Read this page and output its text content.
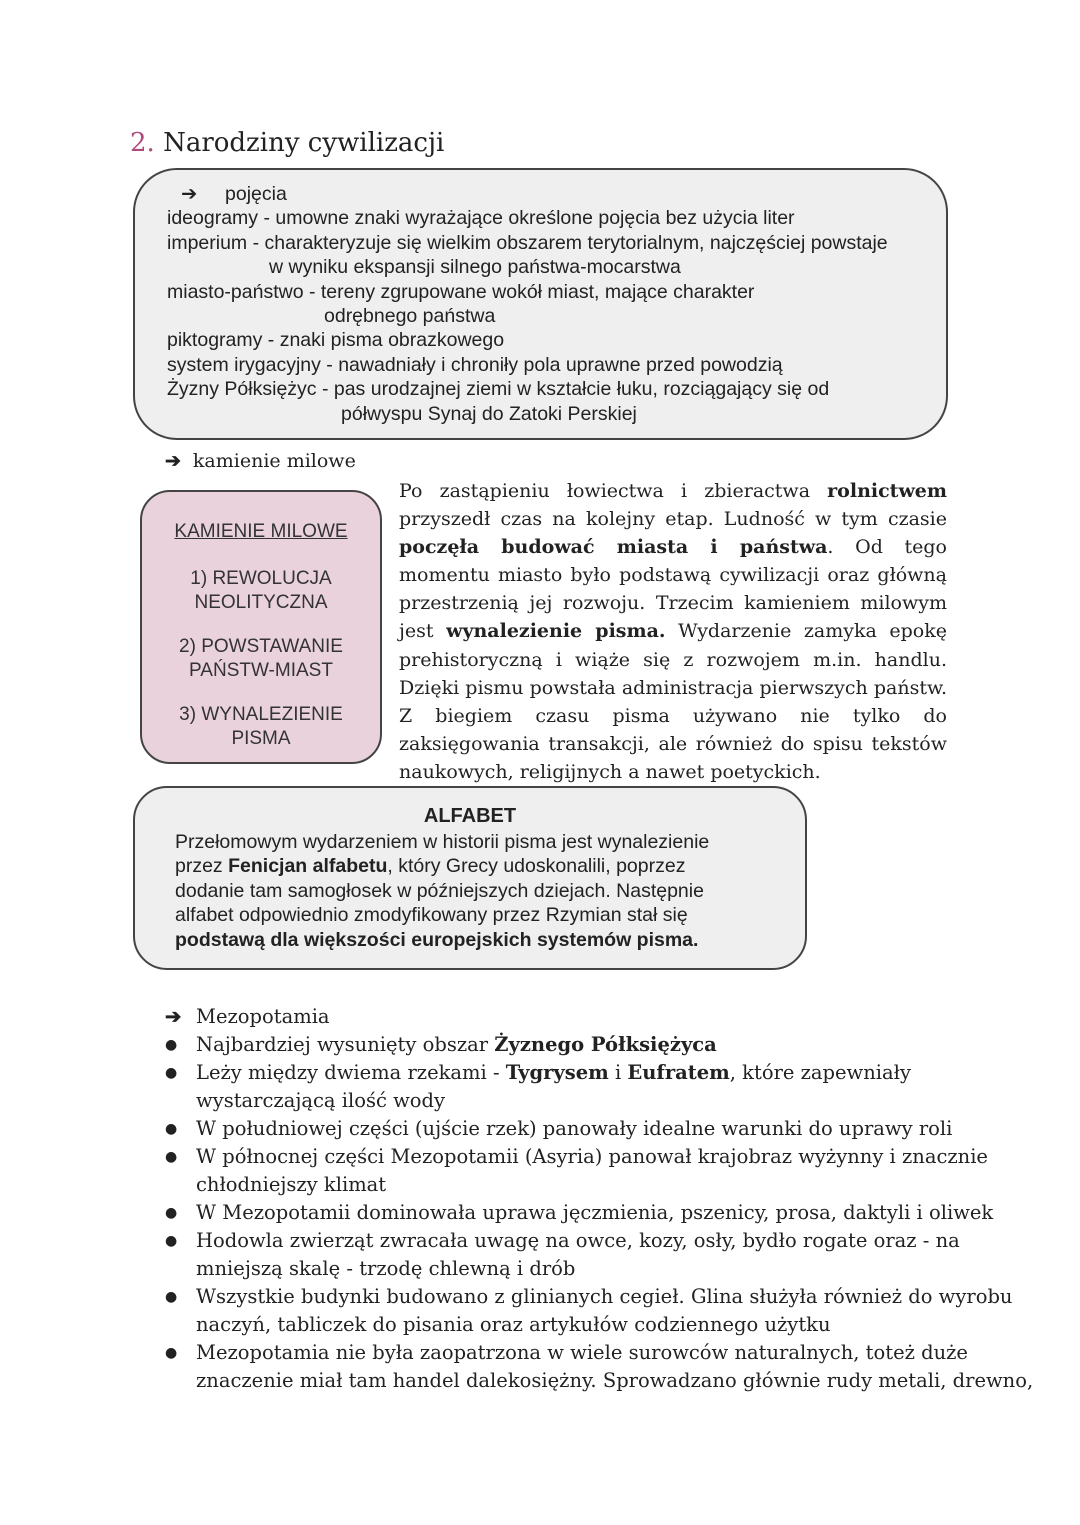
2. Narodziny cywilizacji
➔ pojęcia
ideogramy - umowne znaki wyrażające określone pojęcia bez użycia liter
imperium - charakteryzuje się wielkim obszarem terytorialnym, najczęściej powstaje
w wyniku ekspansji silnego państwa-mocarstwa
miasto-państwo - tereny zgrupowane wokół miast, mające charakter
odrębnego państwa
piktogramy - znaki pisma obrazkowego
system irygacyjny - nawadniały i chroniły pola uprawne przed powodzią
Żyzny Półksiężyc - pas urodzajnej ziemi w kształcie łuku, rozciągający się od
półwyspu Synaj do Zatoki Perskiej
➔ kamienie milowe
KAMIENIE MILOWE
1) REWOLUCJA
NEOLITYCZNA
2) POWSTAWANIE
PAŃSTW-MIAST
3) WYNALEZIENIE
PISMA
Po zastąpieniu łowiectwa i zbieractwa rolnictwem przyszedł czas na kolejny etap. Ludność w tym czasie poczęła budować miasta i państwa. Od tego momentu miasto było podstawą cywilizacji oraz główną przestrzenią jej rozwoju. Trzecim kamieniem milowym jest wynalezienie pisma. Wydarzenie zamyka epokę prehistoryczną i wiąże się z rozwojem m.in. handlu. Dzięki pismu powstała administracja pierwszych państw. Z biegiem czasu pisma używano nie tylko do zaksięgowania transakcji, ale również do spisu tekstów naukowych, religijnych a nawet poetyckich.
ALFABET
Przełomowym wydarzeniem w historii pisma jest wynalezienie
przez Fenicjan alfabetu, który Grecy udoskonalili, poprzez
dodanie tam samogłosek w późniejszych dziejach. Następnie
alfabet odpowiednio zmodyfikowany przez Rzymian stał się
podstawą dla większości europejskich systemów pisma.
➔ Mezopotamia
● Najbardziej wysunięty obszar Żyznego Półksiężyca
● Leży między dwiema rzekami - Tygrysem i Eufratem, które zapewniały
wystarczającą ilość wody
● W południowej części (ujście rzek) panowały idealne warunki do uprawy roli
● W północnej części Mezopotamii (Asyria) panował krajobraz wyżynny i znacznie
chłodniejszy klimat
● W Mezopotamii dominowała uprawa jęczmienia, pszenicy, prosa, daktyli i oliwek
● Hodowla zwierząt zwracała uwagę na owce, kozy, osły, bydło rogate oraz - na
mniejszą skalę - trzodę chlewną i drób
● Wszystkie budynki budowano z glinianych cegieł. Glina służyła również do wyrobu
naczyń, tabliczek do pisania oraz artykułów codziennego użytku
● Mezopotamia nie była zaopatrzona w wiele surowców naturalnych, toteż duże
znaczenie miał tam handel dalekosiężny. Sprowadzano głównie rudy metali, drewno,
